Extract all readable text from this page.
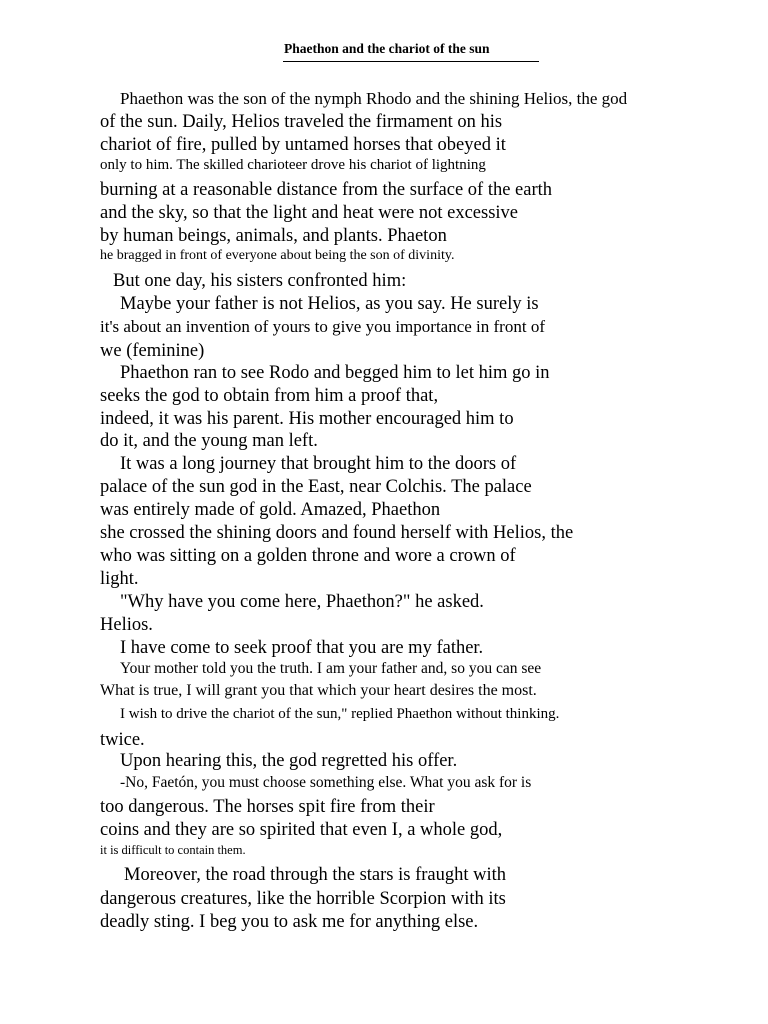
Phaethon and the chariot of the sun
Phaethon was the son of the nymph Rhodo and the shining Helios, the god
of the sun. Daily, Helios traveled the firmament on his
chariot of fire, pulled by untamed horses that obeyed it
only to him. The skilled charioteer drove his chariot of lightning
burning at a reasonable distance from the surface of the earth
and the sky, so that the light and heat were not excessive
by human beings, animals, and plants. Phaeton
he bragged in front of everyone about being the son of divinity.
But one day, his sisters confronted him:
Maybe your father is not Helios, as you say. He surely is
it's about an invention of yours to give you importance in front of
we (feminine)
Phaethon ran to see Rodo and begged him to let him go in
seeks the god to obtain from him a proof that,
indeed, it was his parent. His mother encouraged him to
do it, and the young man left.
It was a long journey that brought him to the doors of
palace of the sun god in the East, near Colchis. The palace
was entirely made of gold. Amazed, Phaethon
she crossed the shining doors and found herself with Helios, the
who was sitting on a golden throne and wore a crown of
light.
"Why have you come here, Phaethon?" he asked.
Helios.
I have come to seek proof that you are my father.
Your mother told you the truth. I am your father and, so you can see
What is true, I will grant you that which your heart desires the most.
I wish to drive the chariot of the sun," replied Phaethon without thinking.
twice.
Upon hearing this, the god regretted his offer.
-No, Faetón, you must choose something else. What you ask for is
too dangerous. The horses spit fire from their
coins and they are so spirited that even I, a whole god,
it is difficult to contain them.
Moreover, the road through the stars is fraught with
dangerous creatures, like the horrible Scorpion with its
deadly sting. I beg you to ask me for anything else.
